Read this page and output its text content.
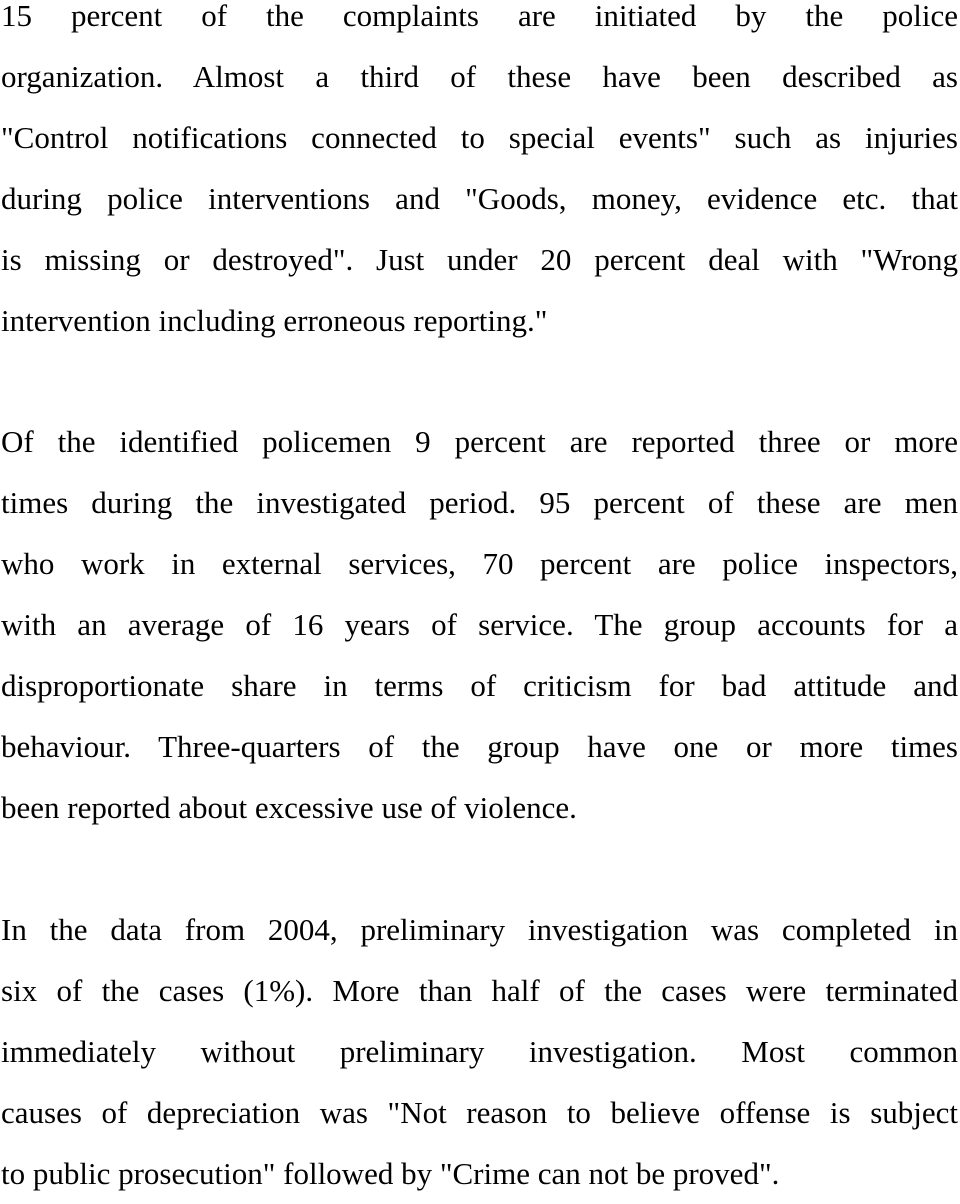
15 percent of the complaints are initiated by the police
organization. Almost a third of these have been described as
"Control notifications connected to special events" such as injuries
during police interventions and "Goods, money, evidence etc. that
is missing or destroyed". Just under 20 percent deal with "Wrong
intervention including erroneous reporting."
Of the identified policemen 9 percent are reported three or more
times during the investigated period. 95 percent of these are men
who work in external services, 70 percent are police inspectors,
with an average of 16 years of service. The group accounts for a
disproportionate share in terms of criticism for bad attitude and
behaviour. Three-quarters of the group have one or more times
been reported about excessive use of violence.
In the data from 2004, preliminary investigation was completed in
six of the cases (1%). More than half of the cases were terminated
immediately without preliminary investigation. Most common
causes of depreciation was "Not reason to believe offense is subject
to public prosecution" followed by "Crime can not be proved".
